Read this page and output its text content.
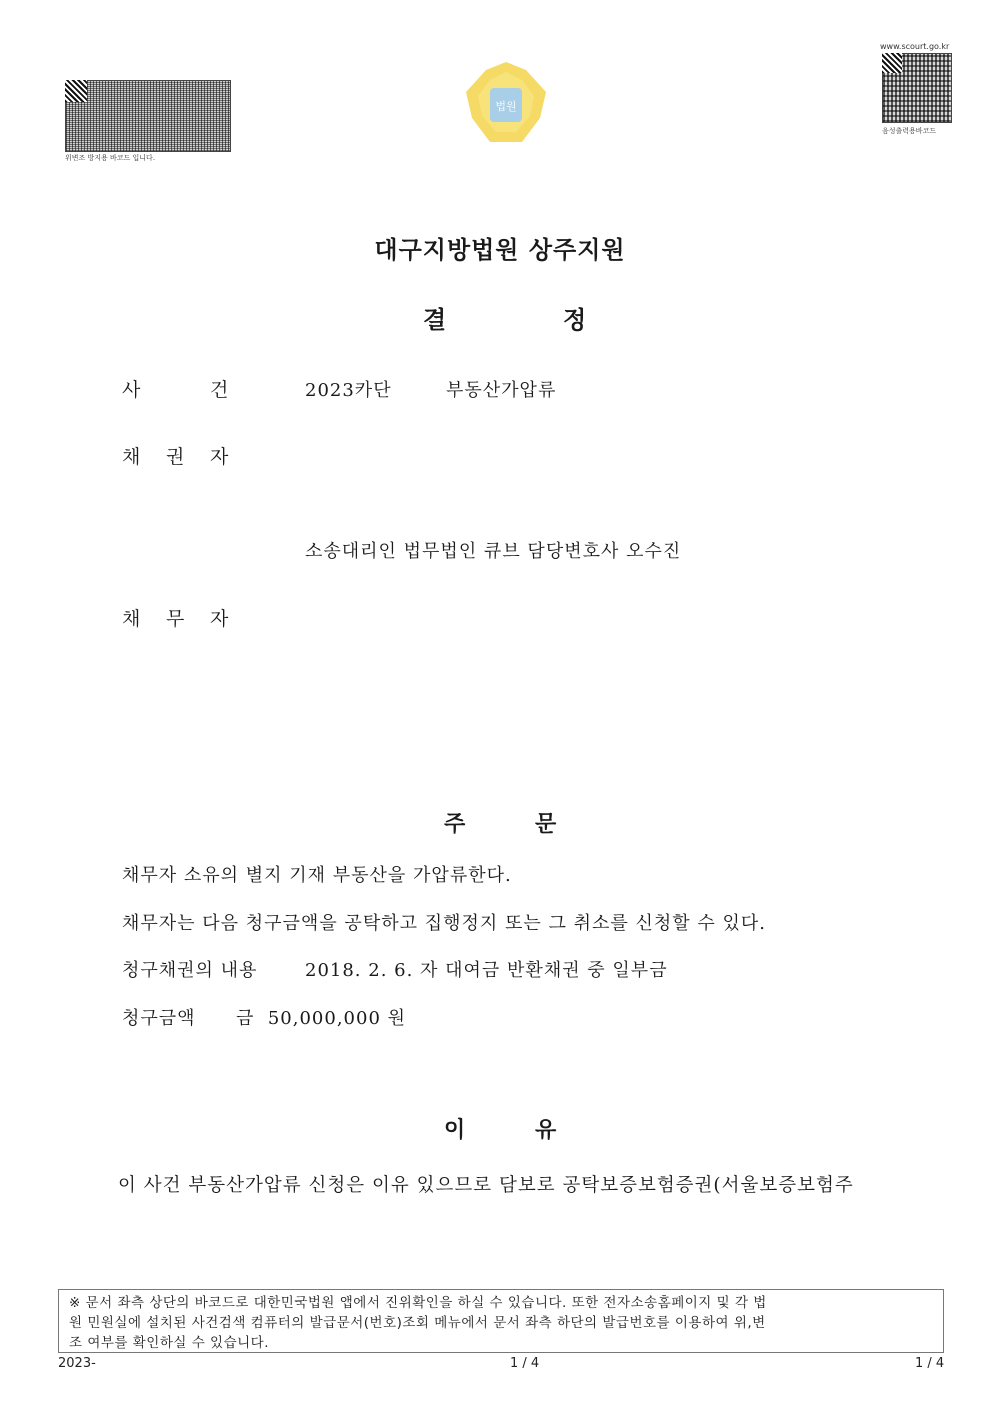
위변조 방지용 바코드 입니다.
www.scourt.go.kr
음성출력용바코드
법원
대구지방법원 상주지원
결	정
사	건	2023카단	부동산가압류
채 권 자
소송대리인 법무법인 큐브 담당변호사 오수진
채 무 자
주	문
채무자 소유의 별지 기재 부동산을 가압류한다.
채무자는 다음 청구금액을 공탁하고 집행정지 또는 그 취소를 신청할 수 있다.
청구채권의 내용	2018. 2. 6. 자 대여금 반환채권 중 일부금
청구금액 금  50,000,000 원
이	유
이 사건 부동산가압류 신청은 이유 있으므로 담보로 공탁보증보험증권(서울보증보험주
※ 문서 좌측 상단의 바코드로 대한민국법원 앱에서 진위확인을 하실 수 있습니다. 또한 전자소송홈페이지 및 각 법
원 민원실에 설치된 사건검색 컴퓨터의 발급문서(번호)조회 메뉴에서 문서 좌측 하단의 발급번호를 이용하여 위,변
조 여부를 확인하실 수 있습니다.
2023-	1 / 4	1 / 4
